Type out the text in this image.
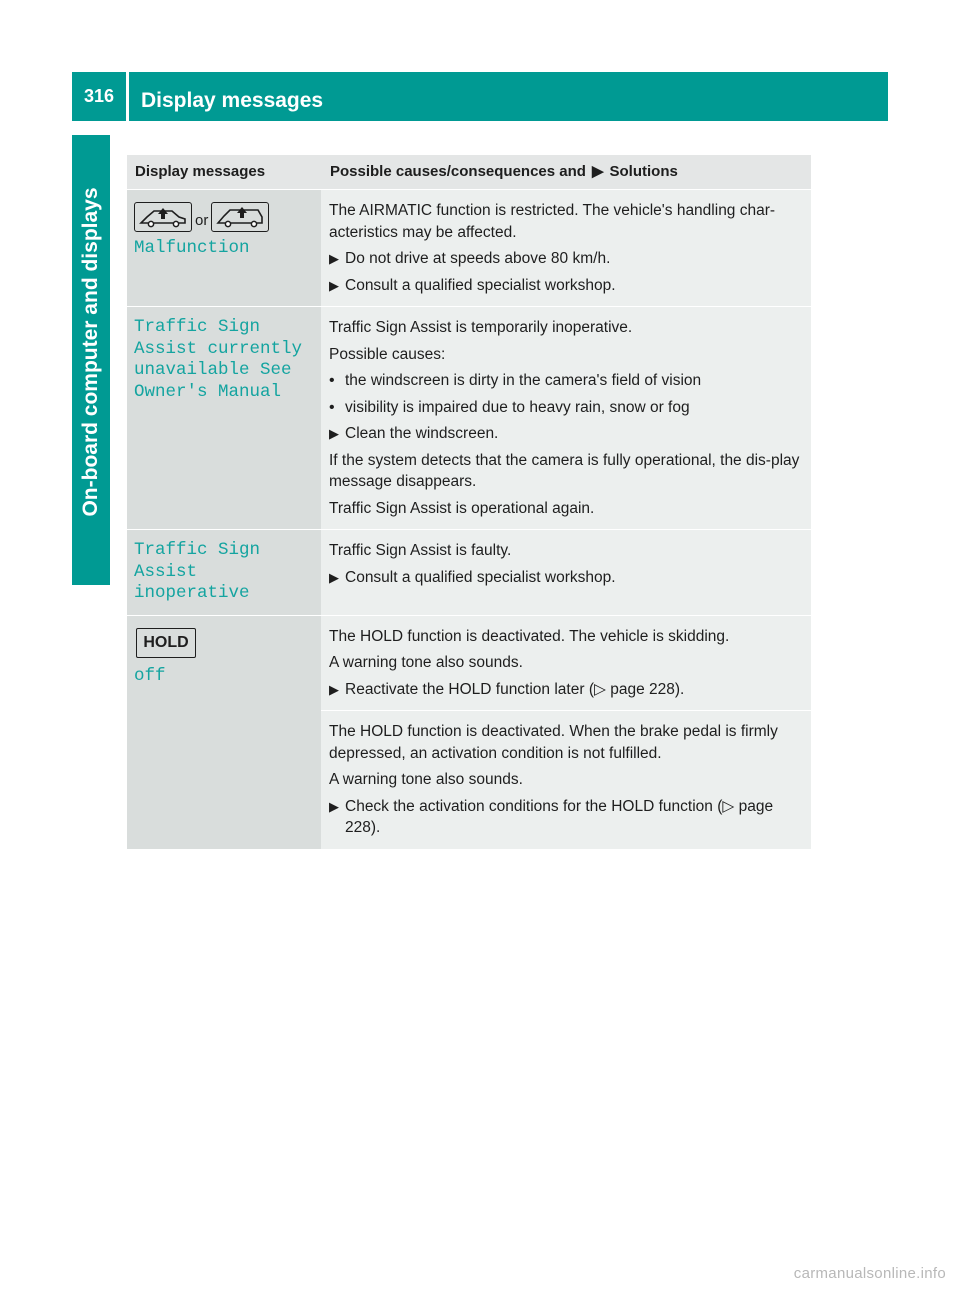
316	Display messages
On-board computer and displays
Display messages	Possible causes/consequences and ▶ Solutions
or
Malfunction

The AIRMATIC function is restricted. The vehicle's handling char-acteristics may be affected.

▶ Do not drive at speeds above 80 km/h.
▶ Consult a qualified specialist workshop.
Traffic Sign
Assist currently
unavailable See
Owner's Manual

Traffic Sign Assist is temporarily inoperative.

Possible causes:

• the windscreen is dirty in the camera's field of vision
• visibility is impaired due to heavy rain, snow or fog
▶ Clean the windscreen.

If the system detects that the camera is fully operational, the dis-play message disappears.

Traffic Sign Assist is operational again.

Traffic Sign
Assist inoperative

Traffic Sign Assist is faulty.

▶ Consult a qualified specialist workshop.
HOLD
off

The HOLD function is deactivated. The vehicle is skidding.

A warning tone also sounds.

▶ Reactivate the HOLD function later (▷ page 228).

The HOLD function is deactivated. When the brake pedal is firmly depressed, an activation condition is not fulfilled.

A warning tone also sounds.

▶ Check the activation conditions for the HOLD function (▷ page 228).
carmanualsonline.info
